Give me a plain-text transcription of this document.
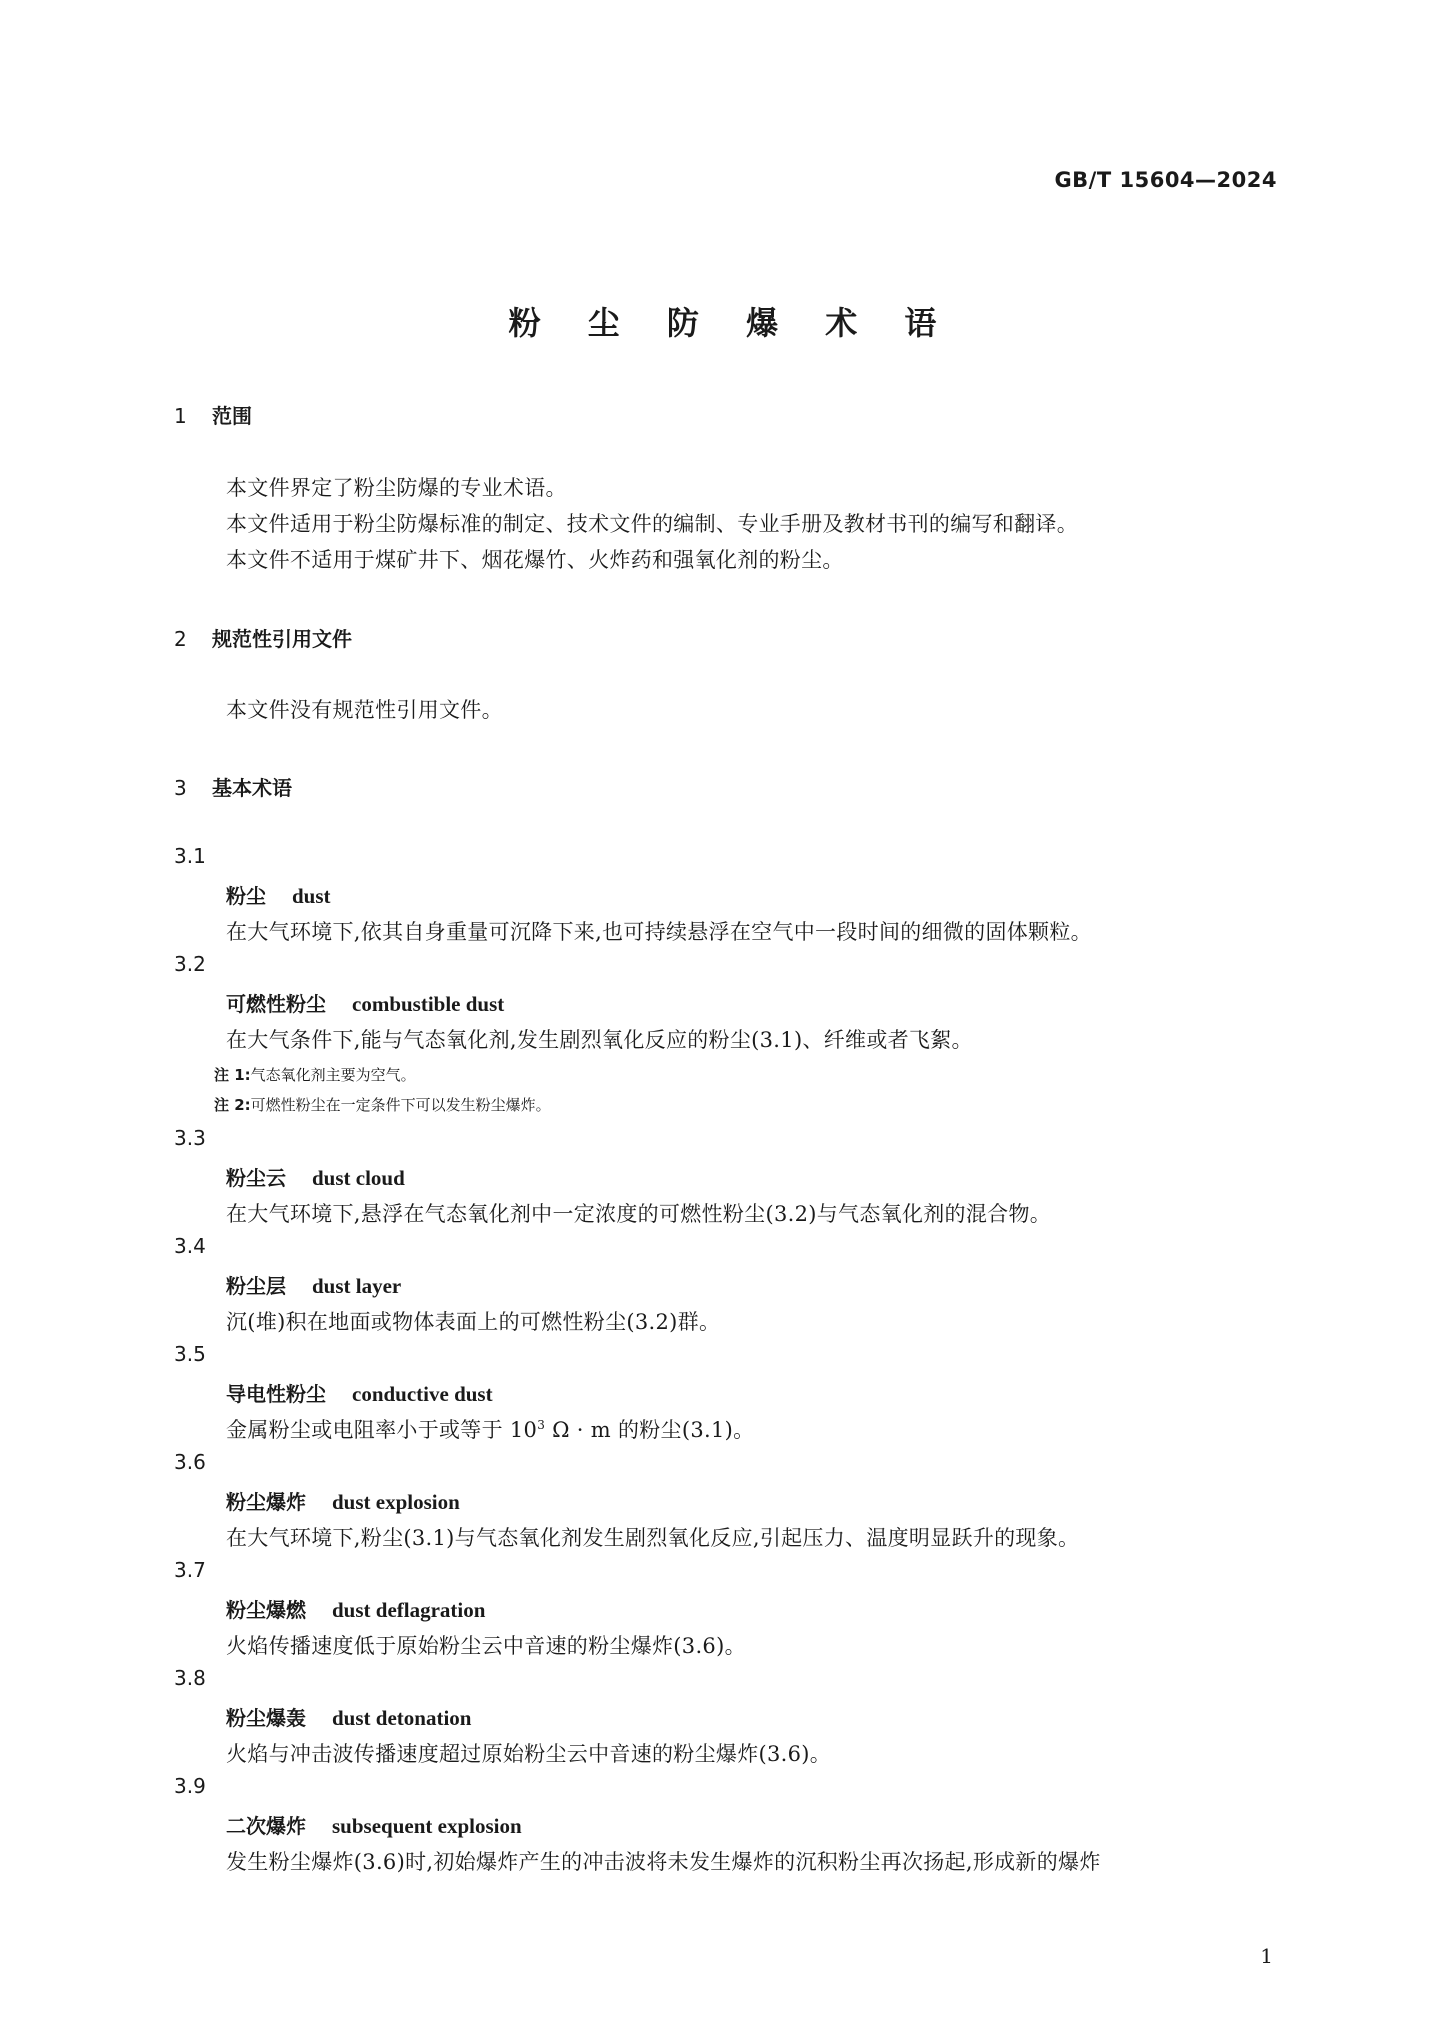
GB/T 15604—2024
粉 尘 防 爆 术 语
1 范围
本文件界定了粉尘防爆的专业术语。
本文件适用于粉尘防爆标准的制定、技术文件的编制、专业手册及教材书刊的编写和翻译。
本文件不适用于煤矿井下、烟花爆竹、火炸药和强氧化剂的粉尘。
2 规范性引用文件
本文件没有规范性引用文件。
3 基本术语
3.1
粉尘 dust
在大气环境下,依其自身重量可沉降下来,也可持续悬浮在空气中一段时间的细微的固体颗粒。
3.2
可燃性粉尘 combustible dust
在大气条件下,能与气态氧化剂,发生剧烈氧化反应的粉尘(3.1)、纤维或者飞絮。
注 1:气态氧化剂主要为空气。
注 2:可燃性粉尘在一定条件下可以发生粉尘爆炸。
3.3
粉尘云 dust cloud
在大气环境下,悬浮在气态氧化剂中一定浓度的可燃性粉尘(3.2)与气态氧化剂的混合物。
3.4
粉尘层 dust layer
沉(堆)积在地面或物体表面上的可燃性粉尘(3.2)群。
3.5
导电性粉尘 conductive dust
金属粉尘或电阻率小于或等于 $10^3$ Ω · m 的粉尘(3.1)。
3.6
粉尘爆炸 dust explosion
在大气环境下,粉尘(3.1)与气态氧化剂发生剧烈氧化反应,引起压力、温度明显跃升的现象。
3.7
粉尘爆燃 dust deflagration
火焰传播速度低于原始粉尘云中音速的粉尘爆炸(3.6)。
3.8
粉尘爆轰 dust detonation
火焰与冲击波传播速度超过原始粉尘云中音速的粉尘爆炸(3.6)。
3.9
二次爆炸 subsequent explosion
发生粉尘爆炸(3.6)时,初始爆炸产生的冲击波将未发生爆炸的沉积粉尘再次扬起,形成新的爆炸
1
